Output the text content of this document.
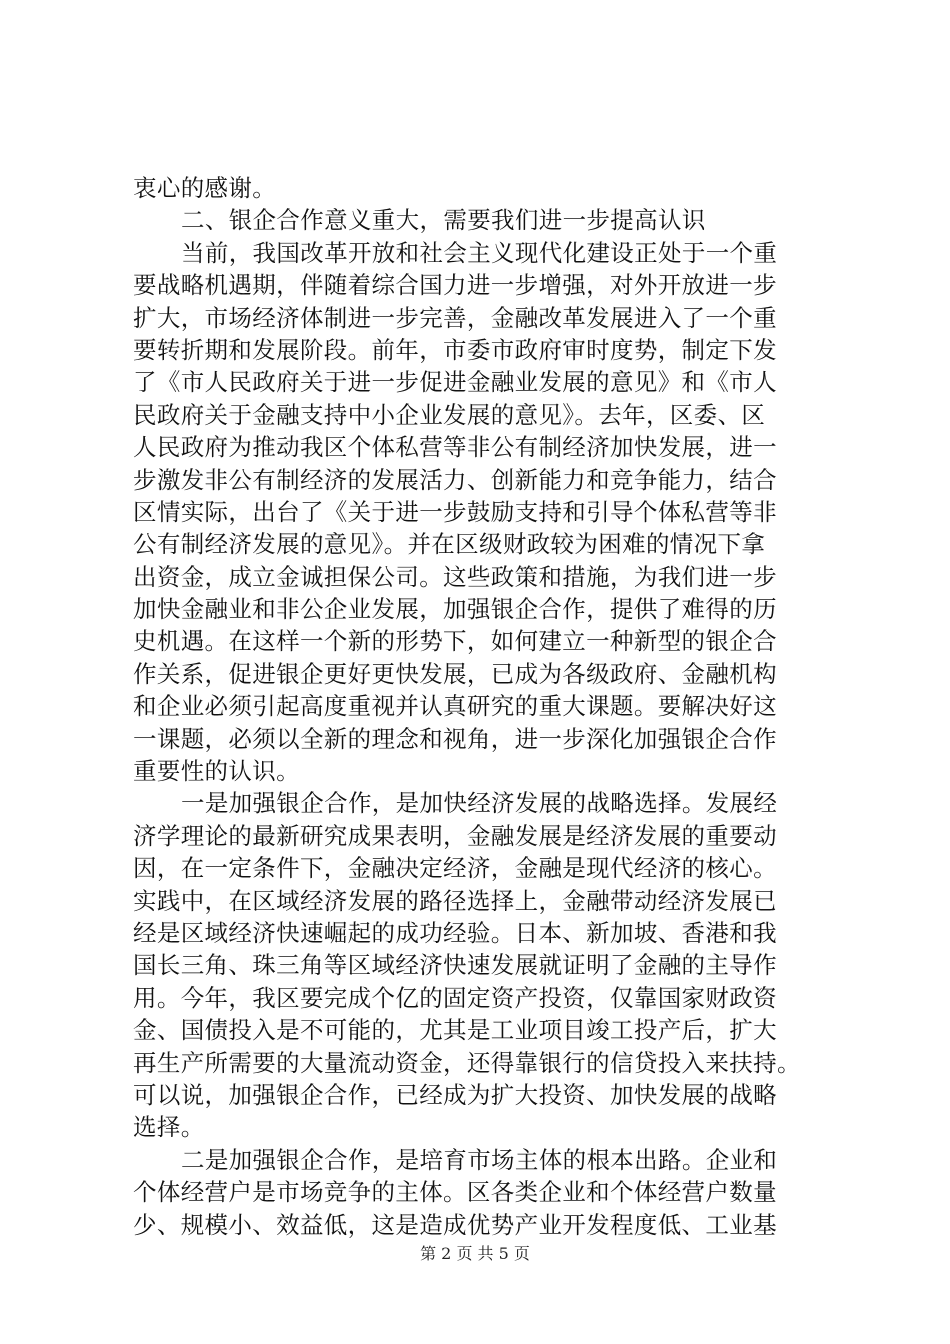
衷心的感谢。
二、银企合作意义重大，需要我们进一步提高认识
当前，我国改革开放和社会主义现代化建设正处于一个重
要战略机遇期，伴随着综合国力进一步增强，对外开放进一步
扩大，市场经济体制进一步完善，金融改革发展进入了一个重
要转折期和发展阶段。前年，市委市政府审时度势，制定下发
了《市人民政府关于进一步促进金融业发展的意见》和《市人
民政府关于金融支持中小企业发展的意见》。去年，区委、区
人民政府为推动我区个体私营等非公有制经济加快发展，进一
步激发非公有制经济的发展活力、创新能力和竞争能力，结合
区情实际，出台了《关于进一步鼓励支持和引导个体私营等非
公有制经济发展的意见》。并在区级财政较为困难的情况下拿
出资金，成立金诚担保公司。这些政策和措施，为我们进一步
加快金融业和非公企业发展，加强银企合作，提供了难得的历
史机遇。在这样一个新的形势下，如何建立一种新型的银企合
作关系，促进银企更好更快发展，已成为各级政府、金融机构
和企业必须引起高度重视并认真研究的重大课题。要解决好这
一课题，必须以全新的理念和视角，进一步深化加强银企合作
重要性的认识。
一是加强银企合作，是加快经济发展的战略选择。发展经
济学理论的最新研究成果表明，金融发展是经济发展的重要动
因，在一定条件下，金融决定经济，金融是现代经济的核心。
实践中，在区域经济发展的路径选择上，金融带动经济发展已
经是区域经济快速崛起的成功经验。日本、新加坡、香港和我
国长三角、珠三角等区域经济快速发展就证明了金融的主导作
用。今年，我区要完成个亿的固定资产投资，仅靠国家财政资
金、国债投入是不可能的，尤其是工业项目竣工投产后，扩大
再生产所需要的大量流动资金，还得靠银行的信贷投入来扶持。
可以说，加强银企合作，已经成为扩大投资、加快发展的战略
选择。
二是加强银企合作，是培育市场主体的根本出路。企业和
个体经营户是市场竞争的主体。区各类企业和个体经营户数量
少、规模小、效益低，这是造成优势产业开发程度低、工业基
第 2 页 共 5 页
